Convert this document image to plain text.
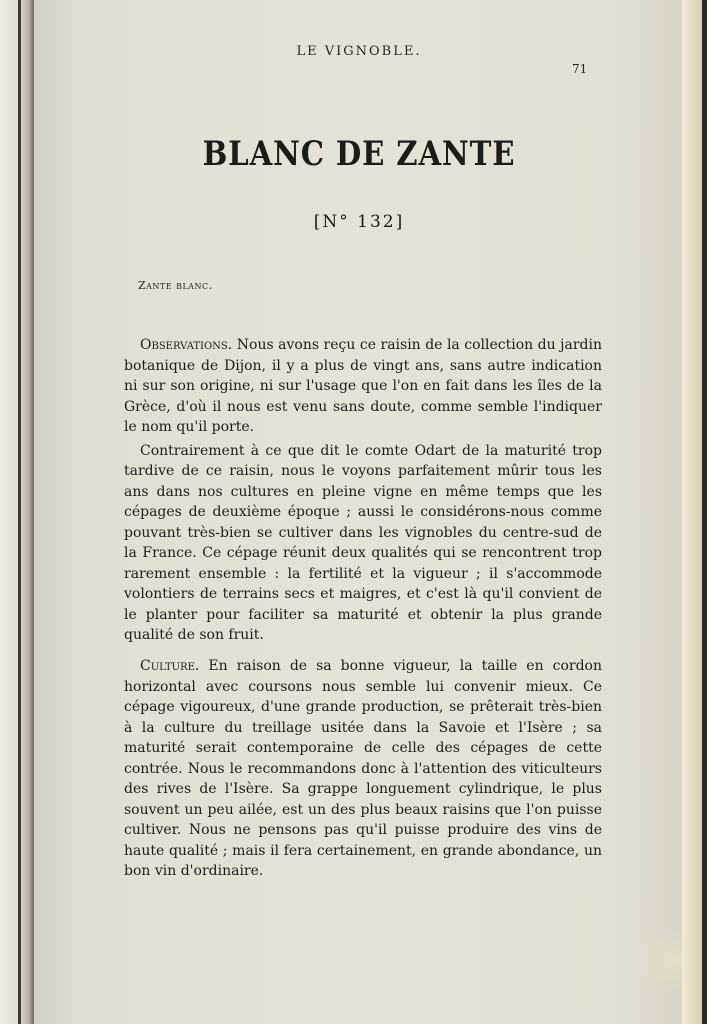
LE VIGNOBLE.
71
BLANC DE ZANTE
[N° 132]
Zante blanc.

Observations. Nous avons reçu ce raisin de la collection du jardin botanique de Dijon, il y a plus de vingt ans, sans autre indication ni sur son origine, ni sur l'usage que l'on en fait dans les îles de la Grèce, d'où il nous est venu sans doute, comme semble l'indiquer le nom qu'il porte.

Contrairement à ce que dit le comte Odart de la maturité trop tardive de ce raisin, nous le voyons parfaitement mûrir tous les ans dans nos cultures en pleine vigne en même temps que les cépages de deuxième époque ; aussi le considérons-nous comme pouvant très-bien se cultiver dans les vignobles du centre-sud de la France. Ce cépage réunit deux qualités qui se rencontrent trop rarement ensemble : la fertilité et la vigueur ; il s'accommode volontiers de terrains secs et maigres, et c'est là qu'il convient de le planter pour faciliter sa maturité et obtenir la plus grande qualité de son fruit.

Culture. En raison de sa bonne vigueur, la taille en cordon horizontal avec coursons nous semble lui convenir mieux. Ce cépage vigoureux, d'une grande production, se prêterait très-bien à la culture du treillage usitée dans la Savoie et l'Isère ; sa maturité serait contemporaine de celle des cépages de cette contrée. Nous le recommandons donc à l'attention des viticulteurs des rives de l'Isère. Sa grappe longuement cylindrique, le plus souvent un peu ailée, est un des plus beaux raisins que l'on puisse cultiver. Nous ne pensons pas qu'il puisse produire des vins de haute qualité ; mais il fera certainement, en grande abondance, un bon vin d'ordinaire.
